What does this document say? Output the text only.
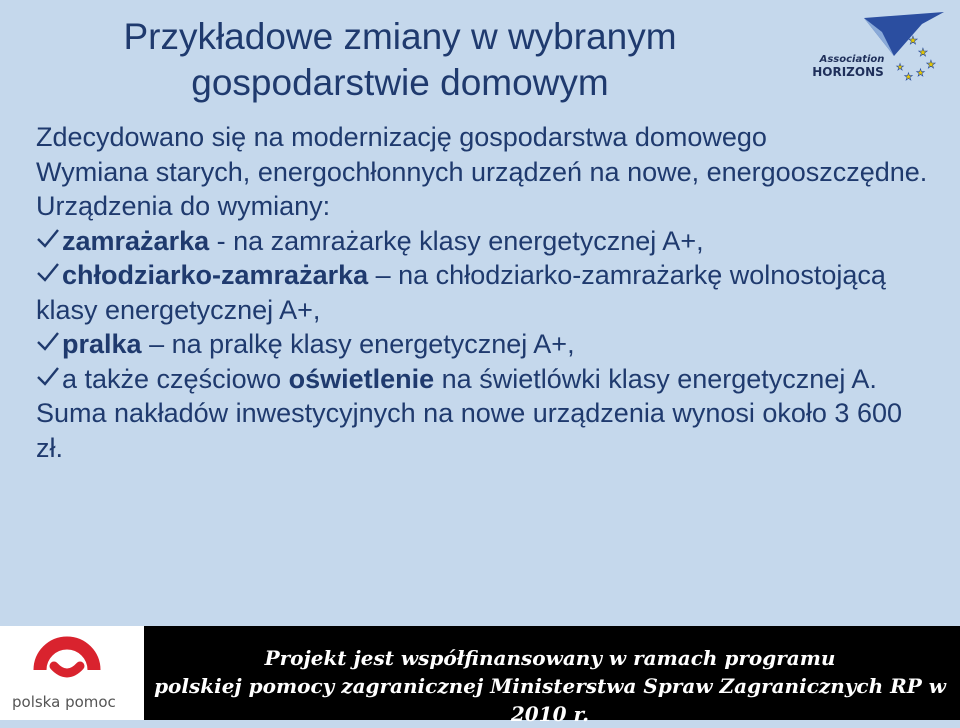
Przykładowe zmiany w wybranym
gospodarstwie domowym
★
★
★
★
★
★
Association
HORIZONS

Zdecydowano się na modernizację gospodarstwa domowego

Wymiana starych, energochłonnych urządzeń na nowe, energooszczędne.

Urządzenia do wymiany:

zamrażarka - na zamrażarkę klasy energetycznej A+,

chłodziarko-zamrażarka – na chłodziarko-zamrażarkę wolnostojącą klasy energetycznej A+,

pralka – na pralkę klasy energetycznej A+,

a także częściowo oświetlenie na świetlówki klasy energetycznej A.

Suma nakładów inwestycyjnych na nowe urządzenia wynosi około 3 600 zł.

polska pomoc
Projekt jest współfinansowany w ramach programu
polskiej pomocy zagranicznej Ministerstwa Spraw Zagranicznych RP w 2010 r.
